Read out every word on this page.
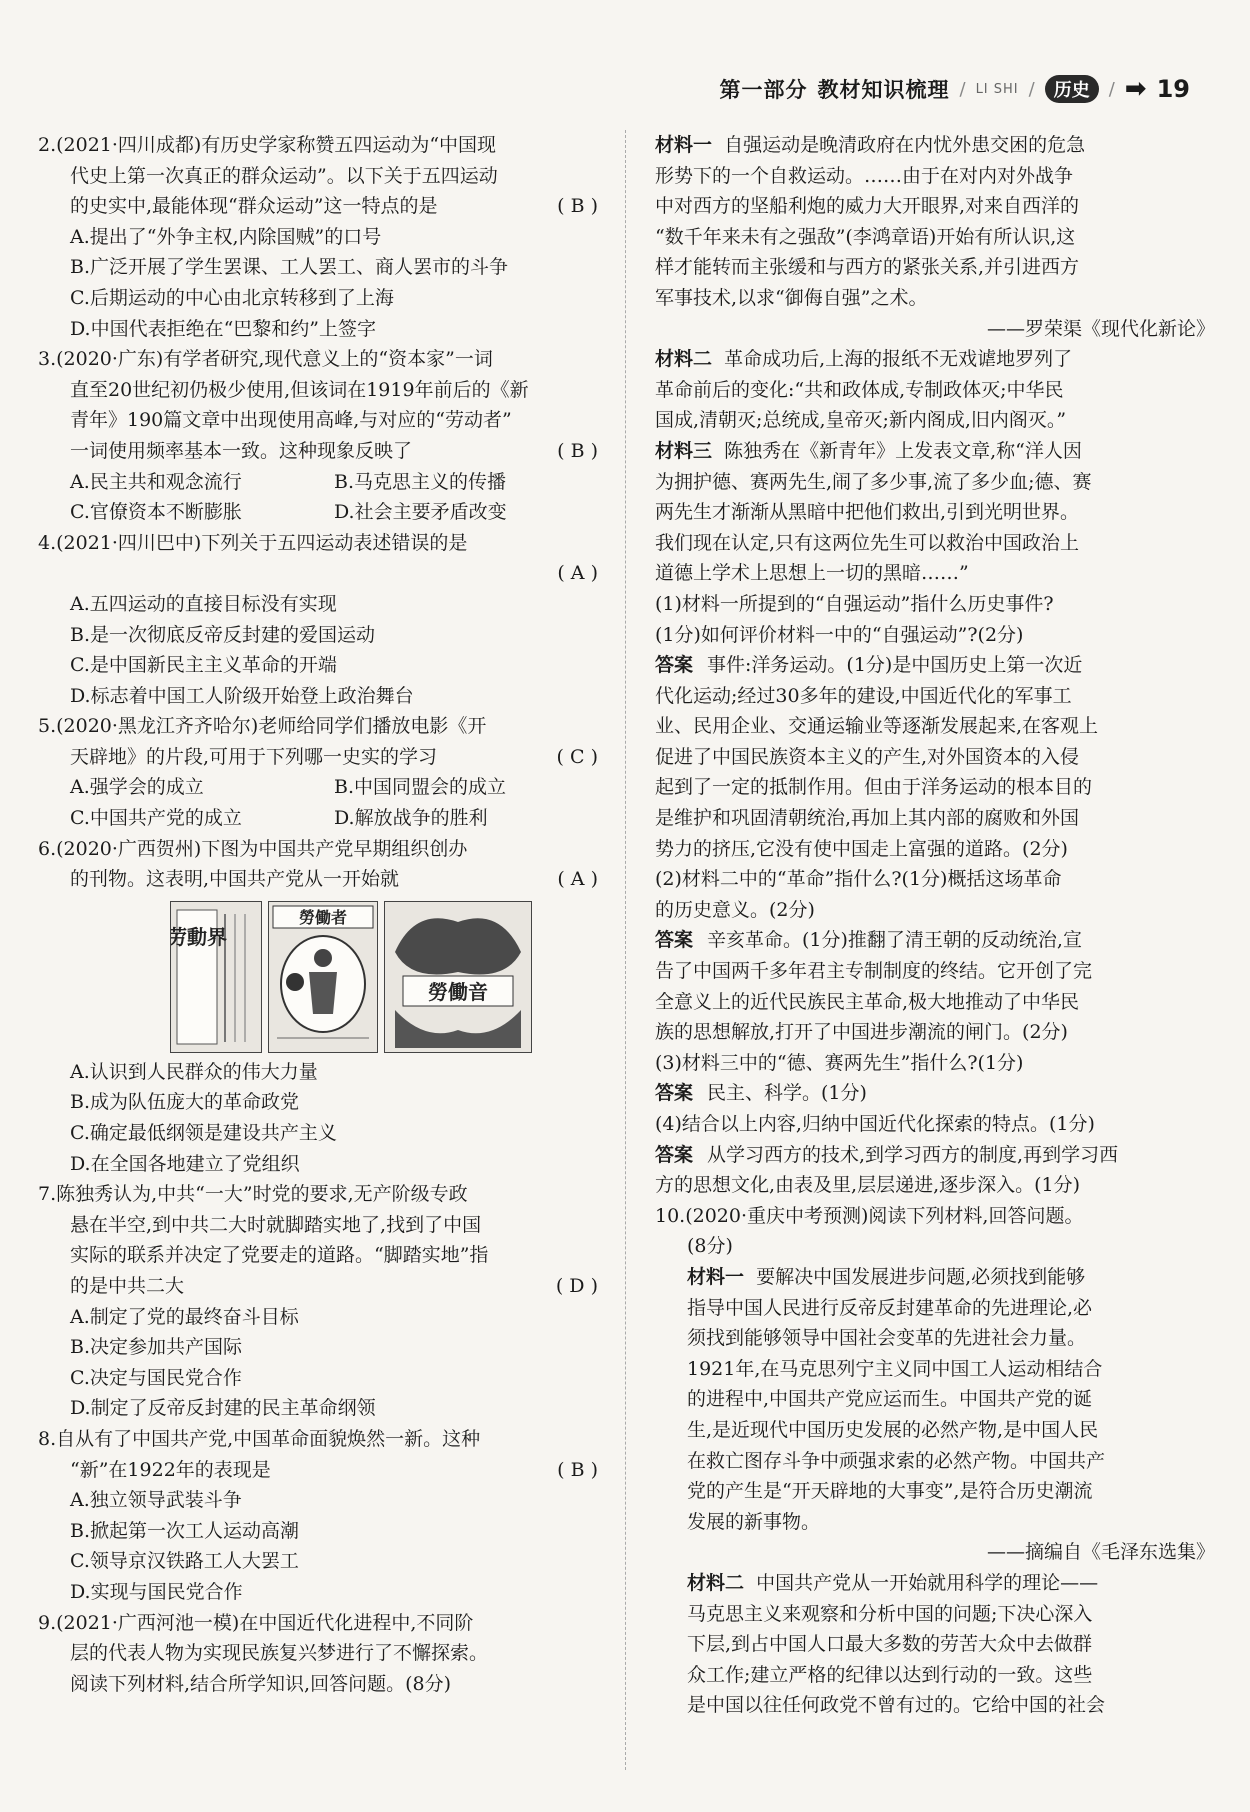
第一部分 教材知识梳理 / LI SHI /	历史	/ ➡ 19
2.(2021·四川成都)有历史学家称赞五四运动为“中国现
代史上第一次真正的群众运动”。以下关于五四运动
的史实中,最能体现“群众运动”这一特点的是	( B )
A.提出了“外争主权,内除国贼”的口号
B.广泛开展了学生罢课、工人罢工、商人罢市的斗争
C.后期运动的中心由北京转移到了上海
D.中国代表拒绝在“巴黎和约”上签字
3.(2020·广东)有学者研究,现代意义上的“资本家”一词
直至20世纪初仍极少使用,但该词在1919年前后的《新
青年》190篇文章中出现使用高峰,与对应的“劳动者”
一词使用频率基本一致。这种现象反映了	( B )
A.民主共和观念流行	B.马克思主义的传播
C.官僚资本不断膨胀	D.社会主要矛盾改变
4.(2021·四川巴中)下列关于五四运动表述错误的是
( A )
A.五四运动的直接目标没有实现
B.是一次彻底反帝反封建的爱国运动
C.是中国新民主主义革命的开端
D.标志着中国工人阶级开始登上政治舞台
5.(2020·黑龙江齐齐哈尔)老师给同学们播放电影《开
天辟地》的片段,可用于下列哪一史实的学习	( C )
A.强学会的成立	B.中国同盟会的成立
C.中国共产党的成立	D.解放战争的胜利
6.(2020·广西贺州)下图为中国共产党早期组织创办
的刊物。这表明,中国共产党从一开始就	( A )
劳動界
勞働者
勞働音
A.认识到人民群众的伟大力量
B.成为队伍庞大的革命政党
C.确定最低纲领是建设共产主义
D.在全国各地建立了党组织
7.陈独秀认为,中共“一大”时党的要求,无产阶级专政
悬在半空,到中共二大时就脚踏实地了,找到了中国
实际的联系并决定了党要走的道路。“脚踏实地”指
的是中共二大	( D )
A.制定了党的最终奋斗目标
B.决定参加共产国际
C.决定与国民党合作
D.制定了反帝反封建的民主革命纲领
8.自从有了中国共产党,中国革命面貌焕然一新。这种
“新”在1922年的表现是	( B )
A.独立领导武装斗争
B.掀起第一次工人运动高潮
C.领导京汉铁路工人大罢工
D.实现与国民党合作
9.(2021·广西河池一模)在中国近代化进程中,不同阶
层的代表人物为实现民族复兴梦进行了不懈探索。
阅读下列材料,结合所学知识,回答问题。(8分)
材料一 自强运动是晚清政府在内忧外患交困的危急
形势下的一个自救运动。……由于在对内对外战争
中对西方的坚船利炮的威力大开眼界,对来自西洋的
“数千年来未有之强敌”(李鸿章语)开始有所认识,这
样才能转而主张缓和与西方的紧张关系,并引进西方
军事技术,以求“御侮自强”之术。
——罗荣渠《现代化新论》
材料二 革命成功后,上海的报纸不无戏谑地罗列了
革命前后的变化:“共和政体成,专制政体灭;中华民
国成,清朝灭;总统成,皇帝灭;新内阁成,旧内阁灭。”
材料三 陈独秀在《新青年》上发表文章,称“洋人因
为拥护德、赛两先生,闹了多少事,流了多少血;德、赛
两先生才渐渐从黑暗中把他们救出,引到光明世界。
我们现在认定,只有这两位先生可以救治中国政治上
道德上学术上思想上一切的黑暗……”
(1)材料一所提到的“自强运动”指什么历史事件?
(1分)如何评价材料一中的“自强运动”?(2分)
答案 事件:洋务运动。(1分)是中国历史上第一次近
代化运动;经过30多年的建设,中国近代化的军事工
业、民用企业、交通运输业等逐渐发展起来,在客观上
促进了中国民族资本主义的产生,对外国资本的入侵
起到了一定的抵制作用。但由于洋务运动的根本目的
是维护和巩固清朝统治,再加上其内部的腐败和外国
势力的挤压,它没有使中国走上富强的道路。(2分)
(2)材料二中的“革命”指什么?(1分)概括这场革命
的历史意义。(2分)
答案 辛亥革命。(1分)推翻了清王朝的反动统治,宣
告了中国两千多年君主专制制度的终结。它开创了完
全意义上的近代民族民主革命,极大地推动了中华民
族的思想解放,打开了中国进步潮流的闸门。(2分)
(3)材料三中的“德、赛两先生”指什么?(1分)
答案 民主、科学。(1分)
(4)结合以上内容,归纳中国近代化探索的特点。(1分)
答案 从学习西方的技术,到学习西方的制度,再到学习西
方的思想文化,由表及里,层层递进,逐步深入。(1分)
10.(2020·重庆中考预测)阅读下列材料,回答问题。
(8分)
材料一 要解决中国发展进步问题,必须找到能够
指导中国人民进行反帝反封建革命的先进理论,必
须找到能够领导中国社会变革的先进社会力量。
1921年,在马克思列宁主义同中国工人运动相结合
的进程中,中国共产党应运而生。中国共产党的诞
生,是近现代中国历史发展的必然产物,是中国人民
在救亡图存斗争中顽强求索的必然产物。中国共产
党的产生是“开天辟地的大事变”,是符合历史潮流
发展的新事物。
——摘编自《毛泽东选集》
材料二 中国共产党从一开始就用科学的理论——
马克思主义来观察和分析中国的问题;下决心深入
下层,到占中国人口最大多数的劳苦大众中去做群
众工作;建立严格的纪律以达到行动的一致。这些
是中国以往任何政党不曾有过的。它给中国的社会
